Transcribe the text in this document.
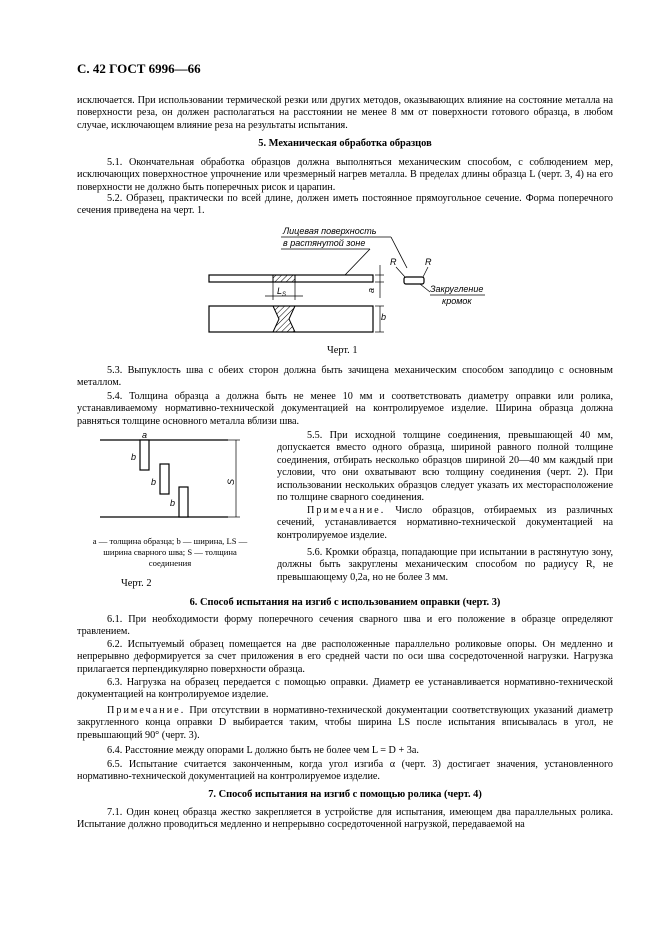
С. 42 ГОСТ 6996—66
исключается. При использовании термической резки или других методов, оказывающих влияние на состояние металла на поверхности реза, он должен располагаться на расстоянии не менее 8 мм от поверхности готового образца, в любом случае, исключающем влияние реза на результаты испытания.
5. Механическая обработка образцов
5.1. Окончательная обработка образцов должна выполняться механическим способом, с соблюдением мер, исключающих поверхностное упрочнение или чрезмерный нагрев металла. В пределах длины образца L (черт. 3, 4) на его поверхности не должно быть поперечных рисок и царапин.
5.2. Образец, практически по всей длине, должен иметь постоянное прямоугольное сечение. Форма поперечного сечения приведена на черт. 1.
Лицевая поверхность
в растянутой зоне
$L_S$
a
b
R	R
Закругление
кромок
Черт. 1
5.3. Выпуклость шва с обеих сторон должна быть зачищена механическим способом заподлицо с основным металлом.
5.4. Толщина образца a должна быть не менее 10 мм и соответствовать диаметру оправки или ролика, устанавливаемому нормативно-технической документацией на контролируемое изделие. Ширина образца должна равняться толщине основного металла вблизи шва.
S
a
b
b
b
a — толщина образца; b — ширина, LS — ширина сварного шва; S — толщина соединения
Черт. 2
5.5. При исходной толщине соединения, превышающей 40 мм, допускается вместо одного образца, шириной равного полной толщине соединения, отбирать несколько образцов шириной 20—40 мм каждый при условии, что они охватывают всю толщину соединения (черт. 2). При использовании нескольких образцов следует указать их месторасположение по толщине сварного соединения.
Примечание. Число образцов, отбираемых из различных сечений, устанавливается нормативно-технической документацией на контролируемое изделие.
5.6. Кромки образца, попадающие при испытании в растянутую зону, должны быть закруглены механическим способом по радиусу R, не превышающему 0,2a, но не более 3 мм.
6. Способ испытания на изгиб с использованием оправки (черт. 3)
6.1. При необходимости форму поперечного сечения сварного шва и его положение в образце определяют травлением.
6.2. Испытуемый образец помещается на две расположенные параллельно роликовые опоры. Он медленно и непрерывно деформируется за счет приложения в его средней части по оси шва сосредоточенной нагрузки. Нагрузка прилагается перпендикулярно поверхности образца.
6.3. Нагрузка на образец передается с помощью оправки. Диаметр ее устанавливается нормативно-технической документацией на контролируемое изделие.
Примечание. При отсутствии в нормативно-технической документации соответствующих указаний диаметр закругленного конца оправки D выбирается таким, чтобы ширина LS после испытания вписывалась в угол, не превышающий 90° (черт. 3).
6.4. Расстояние между опорами L должно быть не более чем L = D + 3a.
6.5. Испытание считается законченным, когда угол изгиба α (черт. 3) достигает значения, установленного нормативно-технической документацией на контролируемое изделие.
7. Способ испытания на изгиб с помощью ролика (черт. 4)
7.1. Один конец образца жестко закрепляется в устройстве для испытания, имеющем два параллельных ролика. Испытание должно проводиться медленно и непрерывно сосредоточенной нагрузкой, передаваемой на
